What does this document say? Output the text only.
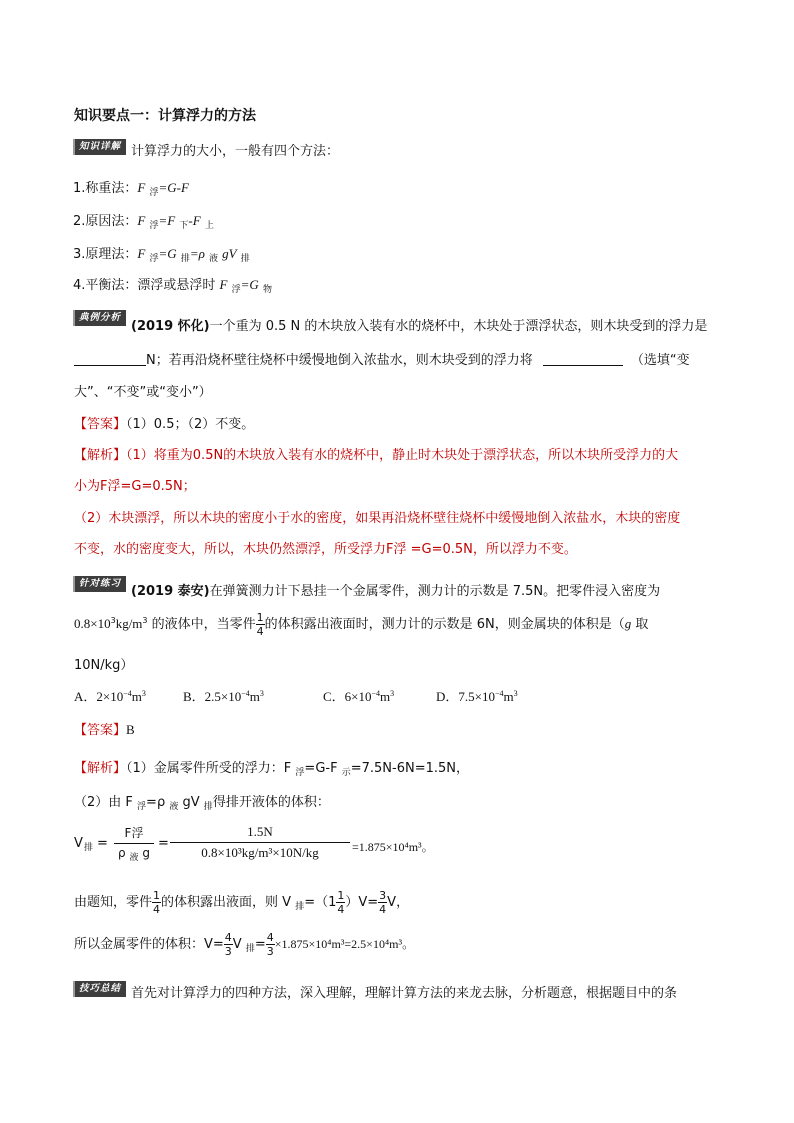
知识要点一：计算浮力的方法
知识详解 计算浮力的大小，一般有四个方法：
1.称重法：F $_浮$=G-F
2.原因法：F $_浮$=F $_下$-F $_上$
3.原理法：F $_浮$=G $_排$=ρ $_液$ gV $_排$
4.平衡法：漂浮或悬浮时 F $_浮$=G $_物$
典例分析
(2019 怀化)一个重为 0.5 N 的木块放入装有水的烧杯中，木块处于漂浮状态，则木块受到的浮力是
N；若再沿烧杯壁往烧杯中缓慢地倒入浓盐水，则木块受到的浮力将	（选填“变
大”、“不变”或“变小”）
【答案】（1）0.5；（2）不变。
【解析】（1）将重为0.5N的木块放入装有水的烧杯中，静止时木块处于漂浮状态，所以木块所受浮力的大
小为F浮=G=0.5N；
（2）木块漂浮，所以木块的密度小于水的密度，如果再沿烧杯壁往烧杯中缓慢地倒入浓盐水，木块的密度
不变，水的密度变大，所以，木块仍然漂浮，所受浮力F浮 =G=0.5N，所以浮力不变。
针对练习
(2019 泰安)在弹簧测力计下悬挂一个金属零件，测力计的示数是 7.5N。把零件浸入密度为
$0.8\times 10^3kg/m^3$ 的液体中，当零件 $\frac{1}{4}$ 的体积露出液面时，测力计的示数是 6N，则金属块的体积是（g 取
10N/kg）
A．$2\times 10^{-4}m^3$	B．$2.5\times 10^{-4}m^3$	C．$6\times 10^{-4}m^3$	D．$7.5\times 10^{-4}m^3$
【答案】B
【解析】（1）金属零件所受的浮力：F $_浮$=G-F $_示$=7.5N-6N=1.5N，
（2）由 F $_浮$=ρ $_液$ gV $_排$得排开液体的体积：
V 排 =
F浮
ρ $_液$ g
= $\frac{1.5N}{\text{0.8×10³kg/m³×10N/kg}} =1.875\times 10^4m^3$。
由题知，零件 $\frac{1}{4}$ 的体积露出液面，则 V $_排=(1 \frac{1}{4} )V= \frac{3}{4}$ V，
所以金属零件的体积：$V= \frac{4}{3}$ V $_排= \frac{4}{3} \times 1.875\times 10^4m^3=2.5\times 10^4m^3$。
技巧总结 首先对计算浮力的四种方法，深入理解，理解计算方法的来龙去脉，分析题意，根据题目中的条
